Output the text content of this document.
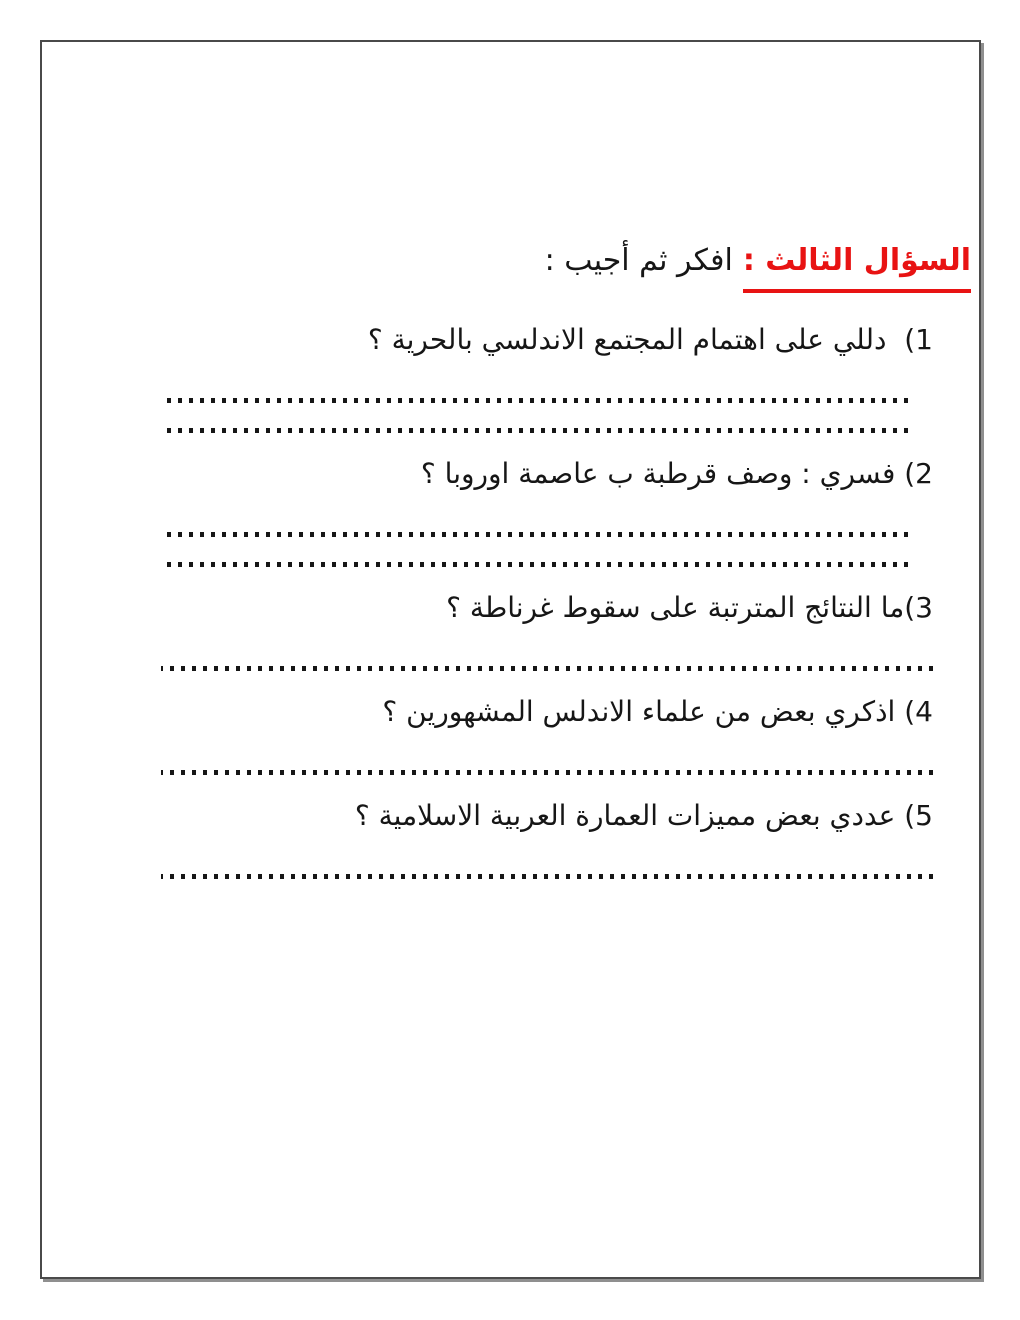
السؤال الثالث :افكر ثم أجيب :

1)  دللي على اهتمام المجتمع الاندلسي بالحرية ؟

2) فسري : وصف قرطبة ب عاصمة اوروبا ؟

3)ما النتائج المترتبة على سقوط غرناطة ؟

4) اذكري بعض من علماء الاندلس المشهورين ؟

5) عددي بعض مميزات العمارة العربية الاسلامية ؟
